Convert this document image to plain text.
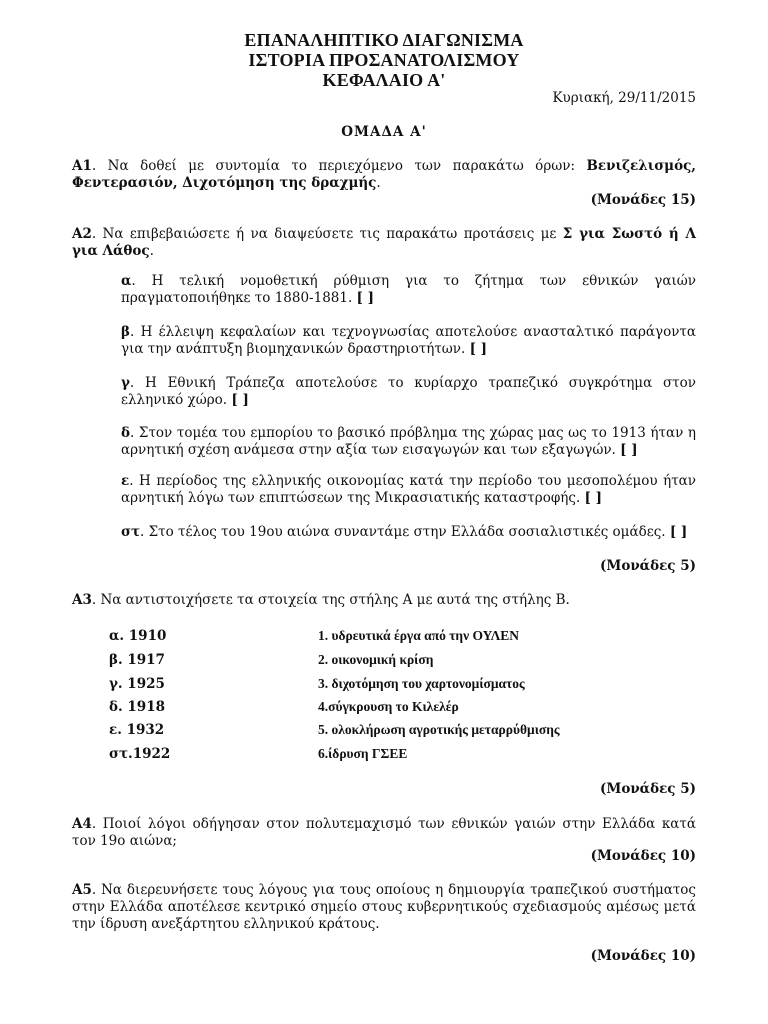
ΕΠΑΝΑΛΗΠΤΙΚΟ ΔΙΑΓΩΝΙΣΜΑ
ΙΣΤΟΡΙΑ ΠΡΟΣΑΝΑΤΟΛΙΣΜΟΥ
ΚΕΦΑΛΑΙΟ Α'
Κυριακή, 29/11/2015
ΟΜΑΔΑ Α'
Α1. Να δοθεί με συντομία το περιεχόμενο των παρακάτω όρων: Βενιζελισμός, Φεντερασιόν, Διχοτόμηση της δραχμής.
(Μονάδες 15)
Α2. Να επιβεβαιώσετε ή να διαψεύσετε τις παρακάτω προτάσεις με Σ για Σωστό ή Λ για Λάθος.
α. Η τελική νομοθετική ρύθμιση για το ζήτημα των εθνικών γαιών πραγματοποιήθηκε το 1880-1881. [ ]
β. Η έλλειψη κεφαλαίων και τεχνογνωσίας αποτελούσε ανασταλτικό παράγοντα για την ανάπτυξη βιομηχανικών δραστηριοτήτων. [ ]
γ. Η Εθνική Τράπεζα αποτελούσε το κυρίαρχο τραπεζικό συγκρότημα στον ελληνικό χώρο. [ ]
δ. Στον τομέα του εμπορίου το βασικό πρόβλημα της χώρας μας ως το 1913 ήταν η αρνητική σχέση ανάμεσα στην αξία των εισαγωγών και των εξαγωγών. [ ]
ε. Η περίοδος της ελληνικής οικονομίας κατά την περίοδο του μεσοπολέμου ήταν αρνητική λόγω των επιπτώσεων της Μικρασιατικής καταστροφής. [ ]
στ. Στο τέλος του 19ου αιώνα συναντάμε στην Ελλάδα σοσιαλιστικές ομάδες. [ ]
(Μονάδες 5)
Α3. Να αντιστοιχήσετε τα στοιχεία της στήλης Α με αυτά της στήλης Β.
α. 1910
β. 1917
γ. 1925
δ. 1918
ε. 1932
στ.1922
1. υδρευτικά έργα από την ΟΥΛΕΝ
2. οικονομική κρίση
3. διχοτόμηση του χαρτονομίσματος
4.σύγκρουση το Κιλελέρ
5. ολοκλήρωση αγροτικής μεταρρύθμισης
6.ίδρυση ΓΣΕΕ
(Μονάδες 5)
Α4. Ποιοί λόγοι οδήγησαν στον πολυτεμαχισμό των εθνικών γαιών στην Ελλάδα κατά τον 19ο αιώνα;
(Μονάδες 10)
Α5. Να διερευνήσετε τους λόγους για τους οποίους η δημιουργία τραπεζικού συστήματος στην Ελλάδα αποτέλεσε κεντρικό σημείο στους κυβερνητικούς σχεδιασμούς αμέσως μετά την ίδρυση ανεξάρτητου ελληνικού κράτους.
(Μονάδες 10)
